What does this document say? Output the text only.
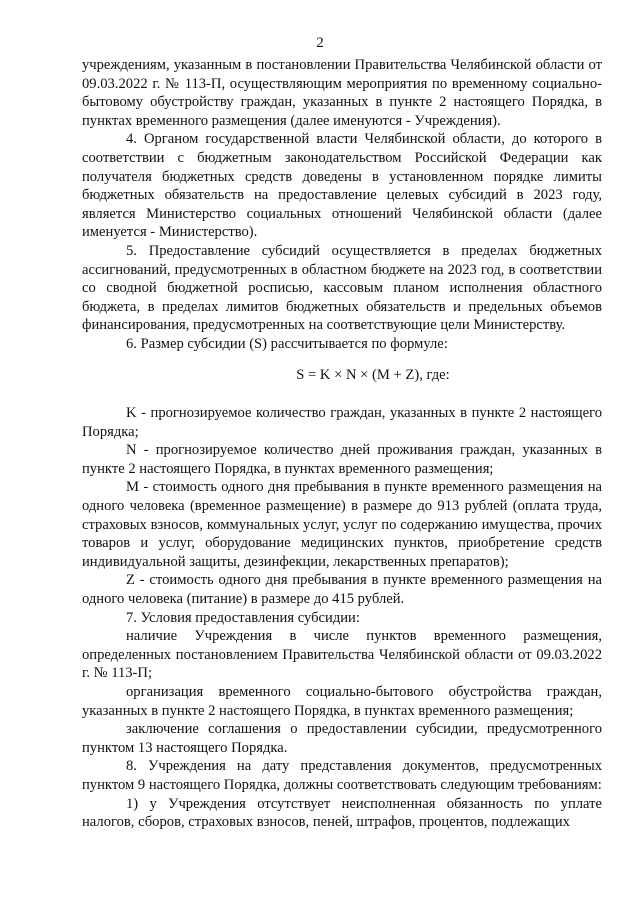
2

учреждениям, указанным в постановлении Правительства Челябинской области от 09.03.2022 г. № 113-П, осуществляющим мероприятия по временному социально-бытовому обустройству граждан, указанных в пункте 2 настоящего Порядка, в пунктах временного размещения (далее именуются - Учреждения).

4. Органом государственной власти Челябинской области, до которого в соответствии с бюджетным законодательством Российской Федерации как получателя бюджетных средств доведены в установленном порядке лимиты бюджетных обязательств на предоставление целевых субсидий в 2023 году, является Министерство социальных отношений Челябинской области (далее именуется - Министерство).

5. Предоставление субсидий осуществляется в пределах бюджетных ассигнований, предусмотренных в областном бюджете на 2023 год, в соответствии со сводной бюджетной росписью, кассовым планом исполнения областного бюджета, в пределах лимитов бюджетных обязательств и предельных объемов финансирования, предусмотренных на соответствующие цели Министерству.

6. Размер субсидии (S) рассчитывается по формуле:

S = K × N × (M + Z), где:

K - прогнозируемое количество граждан, указанных в пункте 2 настоящего Порядка;

N - прогнозируемое количество дней проживания граждан, указанных в пункте 2 настоящего Порядка, в пунктах временного размещения;

M - стоимость одного дня пребывания в пункте временного размещения на одного человека (временное размещение) в размере до 913 рублей (оплата труда, страховых взносов, коммунальных услуг, услуг по содержанию имущества, прочих товаров и услуг, оборудование медицинских пунктов, приобретение средств индивидуальной защиты, дезинфекции, лекарственных препаратов);

Z - стоимость одного дня пребывания в пункте временного размещения на одного человека (питание) в размере до 415 рублей.

7. Условия предоставления субсидии:

наличие Учреждения в числе пунктов временного размещения, определенных постановлением Правительства Челябинской области от 09.03.2022 г. № 113-П;

организация временного социально-бытового обустройства граждан, указанных в пункте 2 настоящего Порядка, в пунктах временного размещения;

заключение соглашения о предоставлении субсидии, предусмотренного пунктом 13 настоящего Порядка.

8. Учреждения на дату представления документов, предусмотренных пунктом 9 настоящего Порядка, должны соответствовать следующим требованиям:

1) у Учреждения отсутствует неисполненная обязанность по уплате налогов, сборов, страховых взносов, пеней, штрафов, процентов, подлежащих
